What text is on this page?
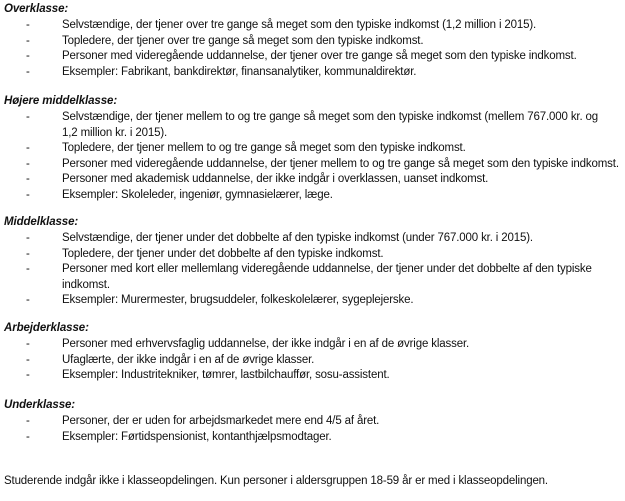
Overklasse:
-	Selvstændige, der tjener over tre gange så meget som den typiske indkomst (1,2 million i 2015).
-	Topledere, der tjener over tre gange så meget som den typiske indkomst.
-	Personer med videregående uddannelse, der tjener over tre gange så meget som den typiske indkomst.
-	Eksempler: Fabrikant, bankdirektør, finansanalytiker, kommunaldirektør.
Højere middelklasse:
-	Selvstændige, der tjener mellem to og tre gange så meget som den typiske indkomst (mellem 767.000 kr. og 1,2 million kr. i 2015).
-	Topledere, der tjener mellem to og tre gange så meget som den typiske indkomst.
-	Personer med videregående uddannelse, der tjener mellem to og tre gange så meget som den typiske indkomst.
-	Personer med akademisk uddannelse, der ikke indgår i overklassen, uanset indkomst.
-	Eksempler: Skoleleder, ingeniør, gymnasielærer, læge.
Middelklasse:
-	Selvstændige, der tjener under det dobbelte af den typiske indkomst (under 767.000 kr. i 2015).
-	Topledere, der tjener under det dobbelte af den typiske indkomst.
-	Personer med kort eller mellemlang videregående uddannelse, der tjener under det dobbelte af den typiske indkomst.
-	Eksempler: Murermester, brugsuddeler, folkeskolelærer, sygeplejerske.
Arbejderklasse:
-	Personer med erhvervsfaglig uddannelse, der ikke indgår i en af de øvrige klasser.
-	Ufaglærte, der ikke indgår i en af de øvrige klasser.
-	Eksempler: Industritekniker, tømrer, lastbilchauffør, sosu-assistent.
Underklasse:
-	Personer, der er uden for arbejdsmarkedet mere end 4/5 af året.
-	Eksempler: Førtidspensionist, kontanthjælpsmodtager.
Studerende indgår ikke i klasseopdelingen. Kun personer i aldersgruppen 18-59 år er med i klasseopdelingen.
